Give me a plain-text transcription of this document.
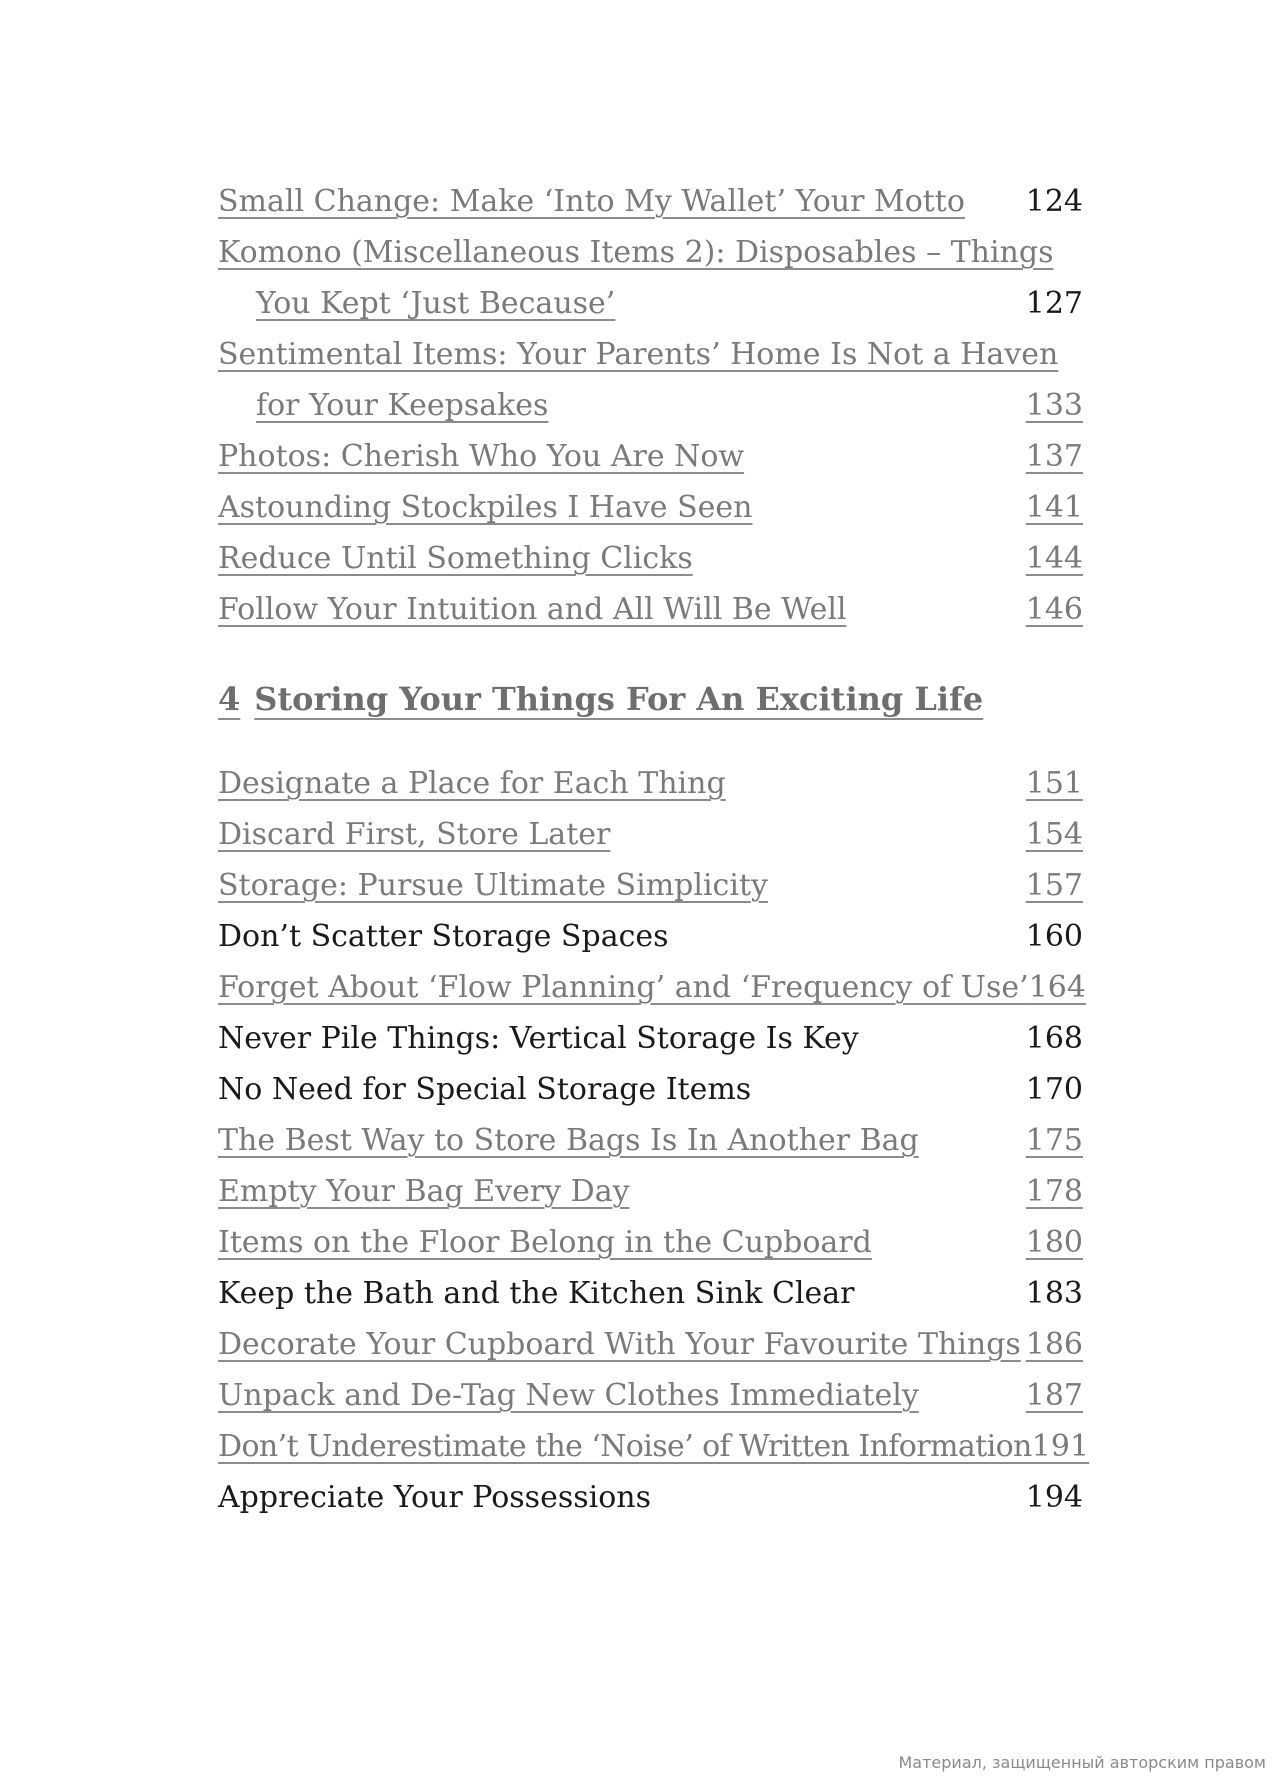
Small Change: Make ‘Into My Wallet’ Your Motto 124
Komono (Miscellaneous Items 2): Disposables – Things
You Kept ‘Just Because’	127
Sentimental Items: Your Parents’ Home Is Not a Haven
for Your Keepsakes	133
Photos: Cherish Who You Are Now	137
Astounding Stockpiles I Have Seen	141
Reduce Until Something Clicks	144
Follow Your Intuition and All Will Be Well	146
4 Storing Your Things For An Exciting Life
Designate a Place for Each Thing	151
Discard First, Store Later	154
Storage: Pursue Ultimate Simplicity	157
Don’t Scatter Storage Spaces	160
Forget About ‘Flow Planning’ and ‘Frequency of Use’ 164
Never Pile Things: Vertical Storage Is Key	168
No Need for Special Storage Items	170
The Best Way to Store Bags Is In Another Bag	175
Empty Your Bag Every Day	178
Items on the Floor Belong in the Cupboard	180
Keep the Bath and the Kitchen Sink Clear	183
Decorate Your Cupboard With Your Favourite Things 186
Unpack and De-Tag New Clothes Immediately	187
Don’t Underestimate the ‘Noise’ of Written Information 191
Appreciate Your Possessions	194
Материал, защищенный авторским правом
